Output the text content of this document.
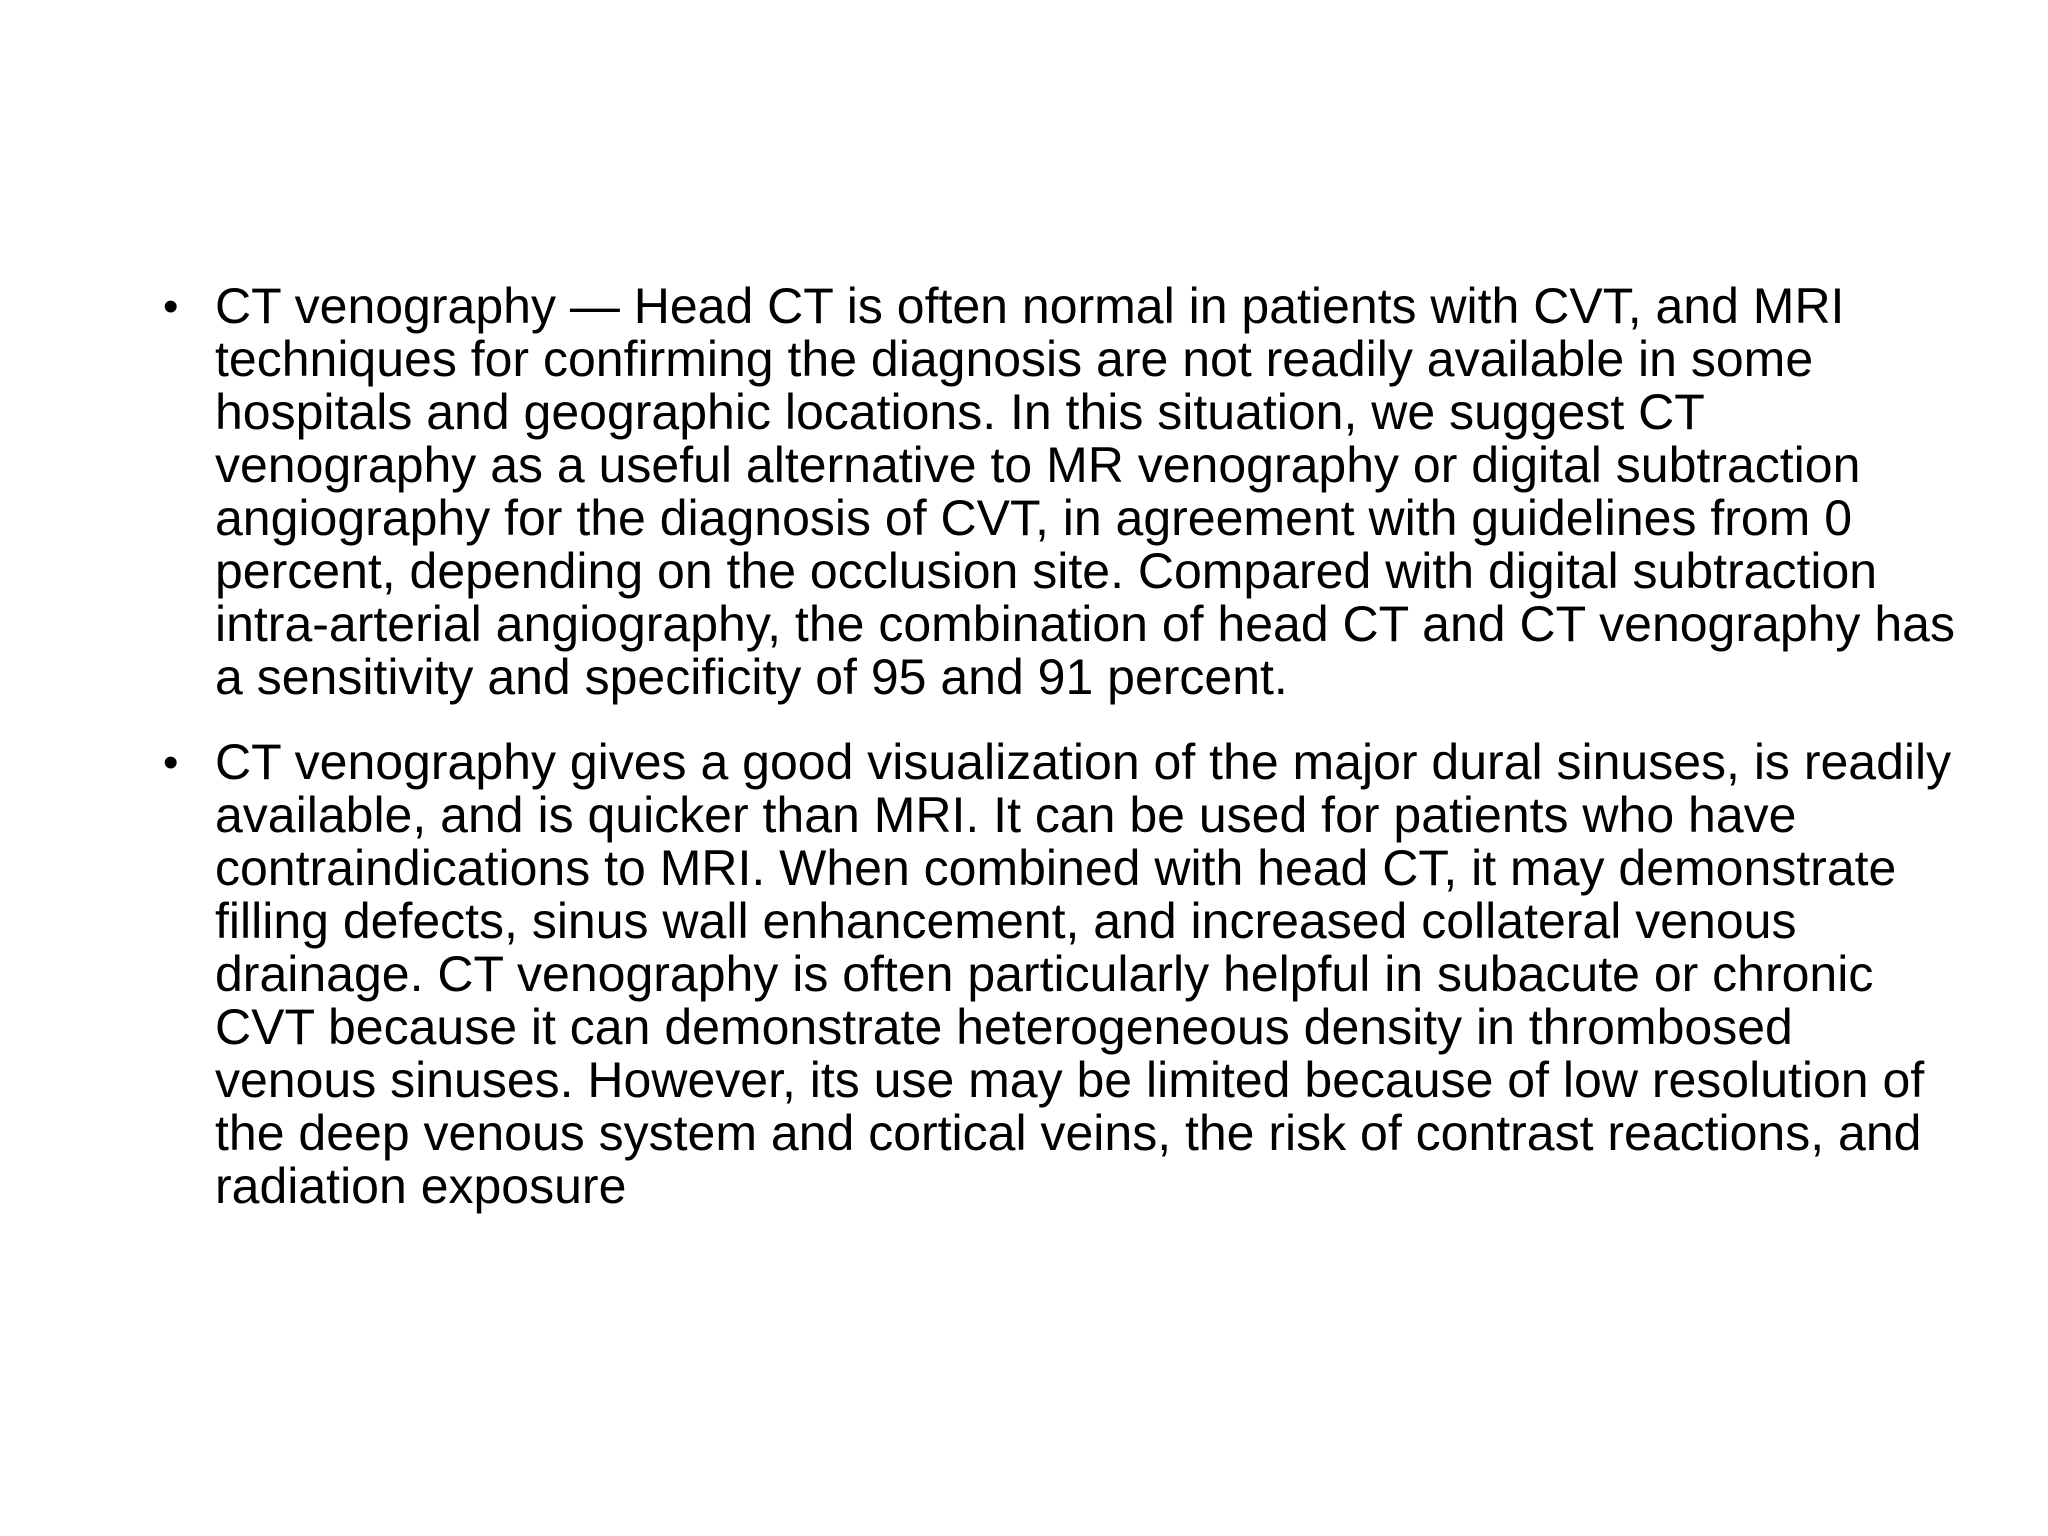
• CT venography — Head CT is often normal in patients with CVT, and MRI techniques for confirming the diagnosis are not readily available in some hospitals and geographic locations. In this situation, we suggest CT venography as a useful alternative to MR venography or digital subtraction angiography for the diagnosis of CVT, in agreement with guidelines from 0 percent, depending on the occlusion site. Compared with digital subtraction intra-arterial angiography, the combination of head CT and CT venography has a sensitivity and specificity of 95 and 91 percent.
• CT venography gives a good visualization of the major dural sinuses, is readily available, and is quicker than MRI. It can be used for patients who have contraindications to MRI. When combined with head CT, it may demonstrate filling defects, sinus wall enhancement, and increased collateral venous drainage. CT venography is often particularly helpful in subacute or chronic CVT because it can demonstrate heterogeneous density in thrombosed venous sinuses. However, its use may be limited because of low resolution of the deep venous system and cortical veins, the risk of contrast reactions, and radiation exposure
